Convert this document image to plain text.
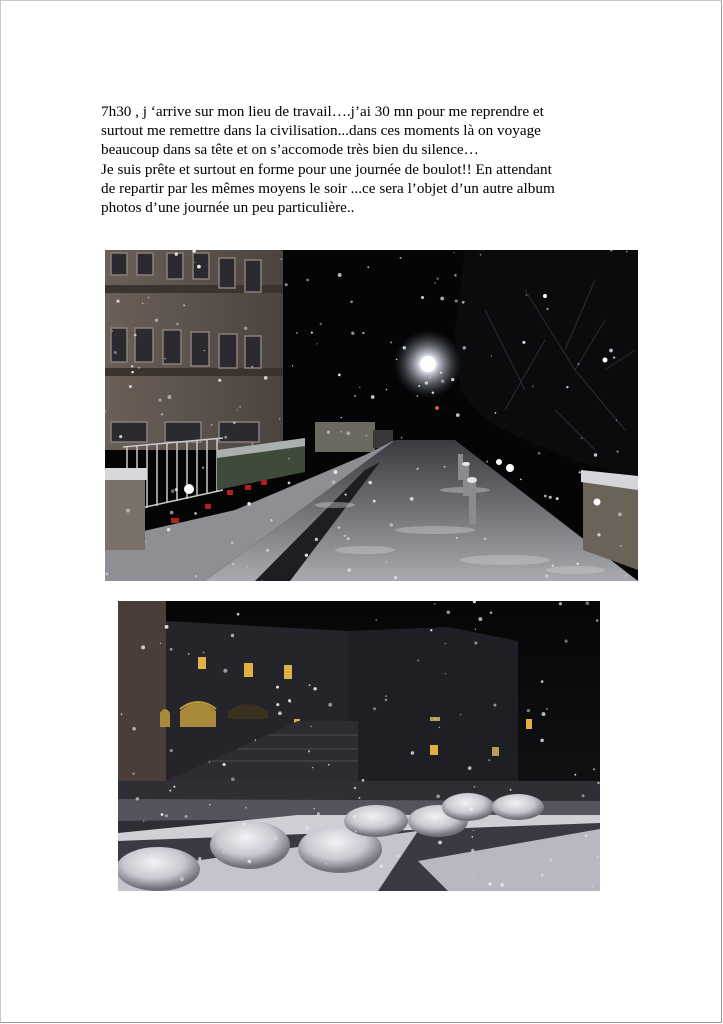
7h30 , j ‘arrive sur mon lieu de travail….j’ai 30 mn pour me reprendre et
surtout me remettre dans la civilisation...dans ces moments là on voyage
beaucoup dans sa tête et on s’accomode très bien du silence…
Je suis prête et surtout en forme pour une journée de boulot!! En attendant
de repartir par les mêmes moyens le soir ...ce sera l’objet d’un autre album
photos d’une journée un peu particulière..
